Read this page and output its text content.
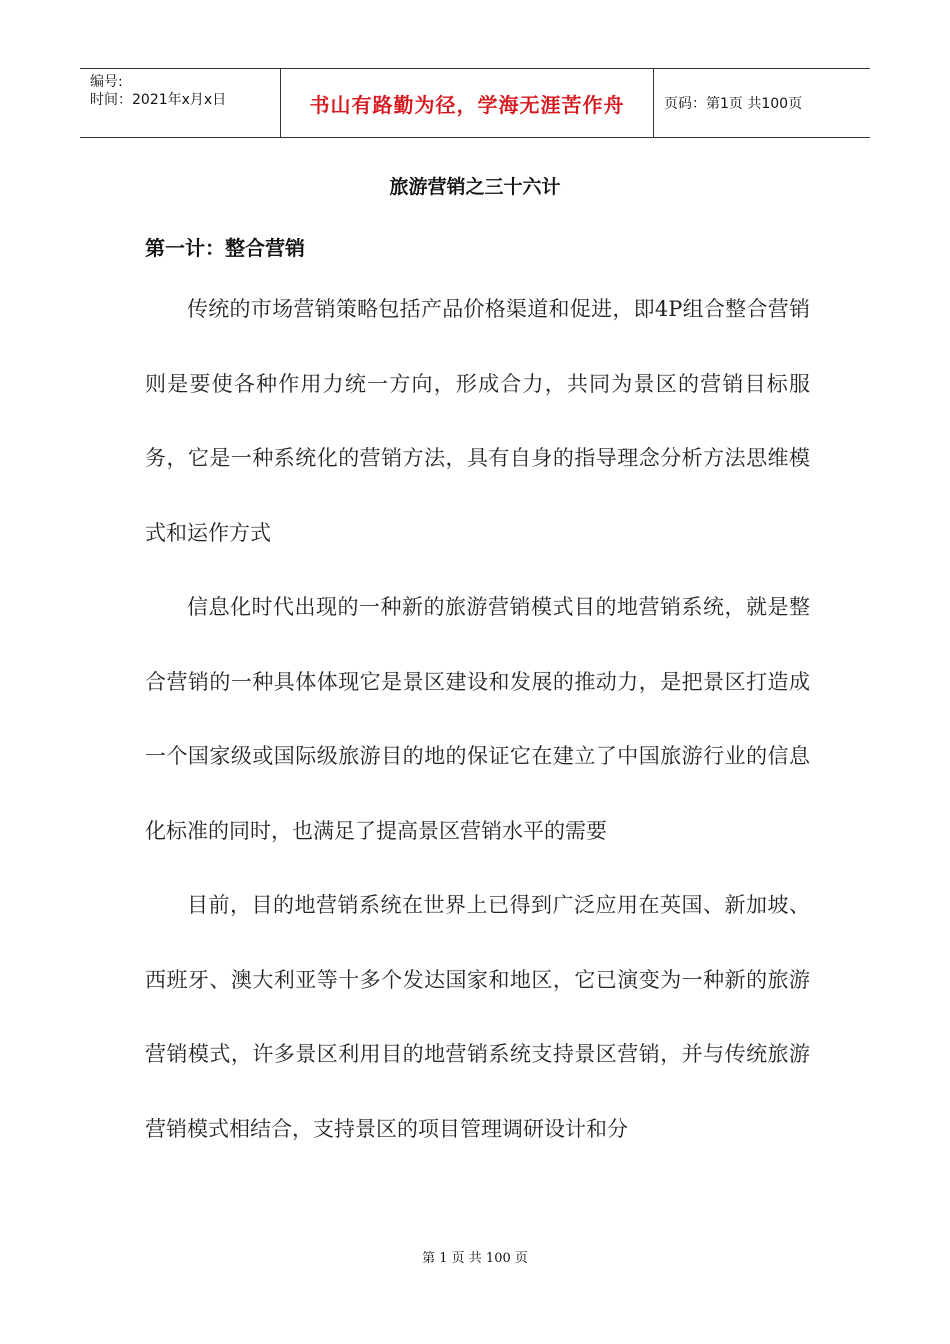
编号:
时间：2021年x月x日	书山有路勤为径，学海无涯苦作舟	页码：第1页 共100页
旅游营销之三十六计
第一计：整合营销

传统的市场营销策略包括产品价格渠道和促进，即4P组合整合营销则是要使各种作用力统一方向，形成合力，共同为景区的营销目标服务，它是一种系统化的营销方法，具有自身的指导理念分析方法思维模式和运作方式

信息化时代出现的一种新的旅游营销模式目的地营销系统，就是整合营销的一种具体体现它是景区建设和发展的推动力，是把景区打造成一个国家级或国际级旅游目的地的保证它在建立了中国旅游行业的信息化标准的同时，也满足了提高景区营销水平的需要

目前，目的地营销系统在世界上已得到广泛应用在英国、新加坡、西班牙、澳大利亚等十多个发达国家和地区，它已演变为一种新的旅游营销模式，许多景区利用目的地营销系统支持景区营销，并与传统旅游营销模式相结合，支持景区的项目管理调研设计和分

第 1 页 共 100 页
